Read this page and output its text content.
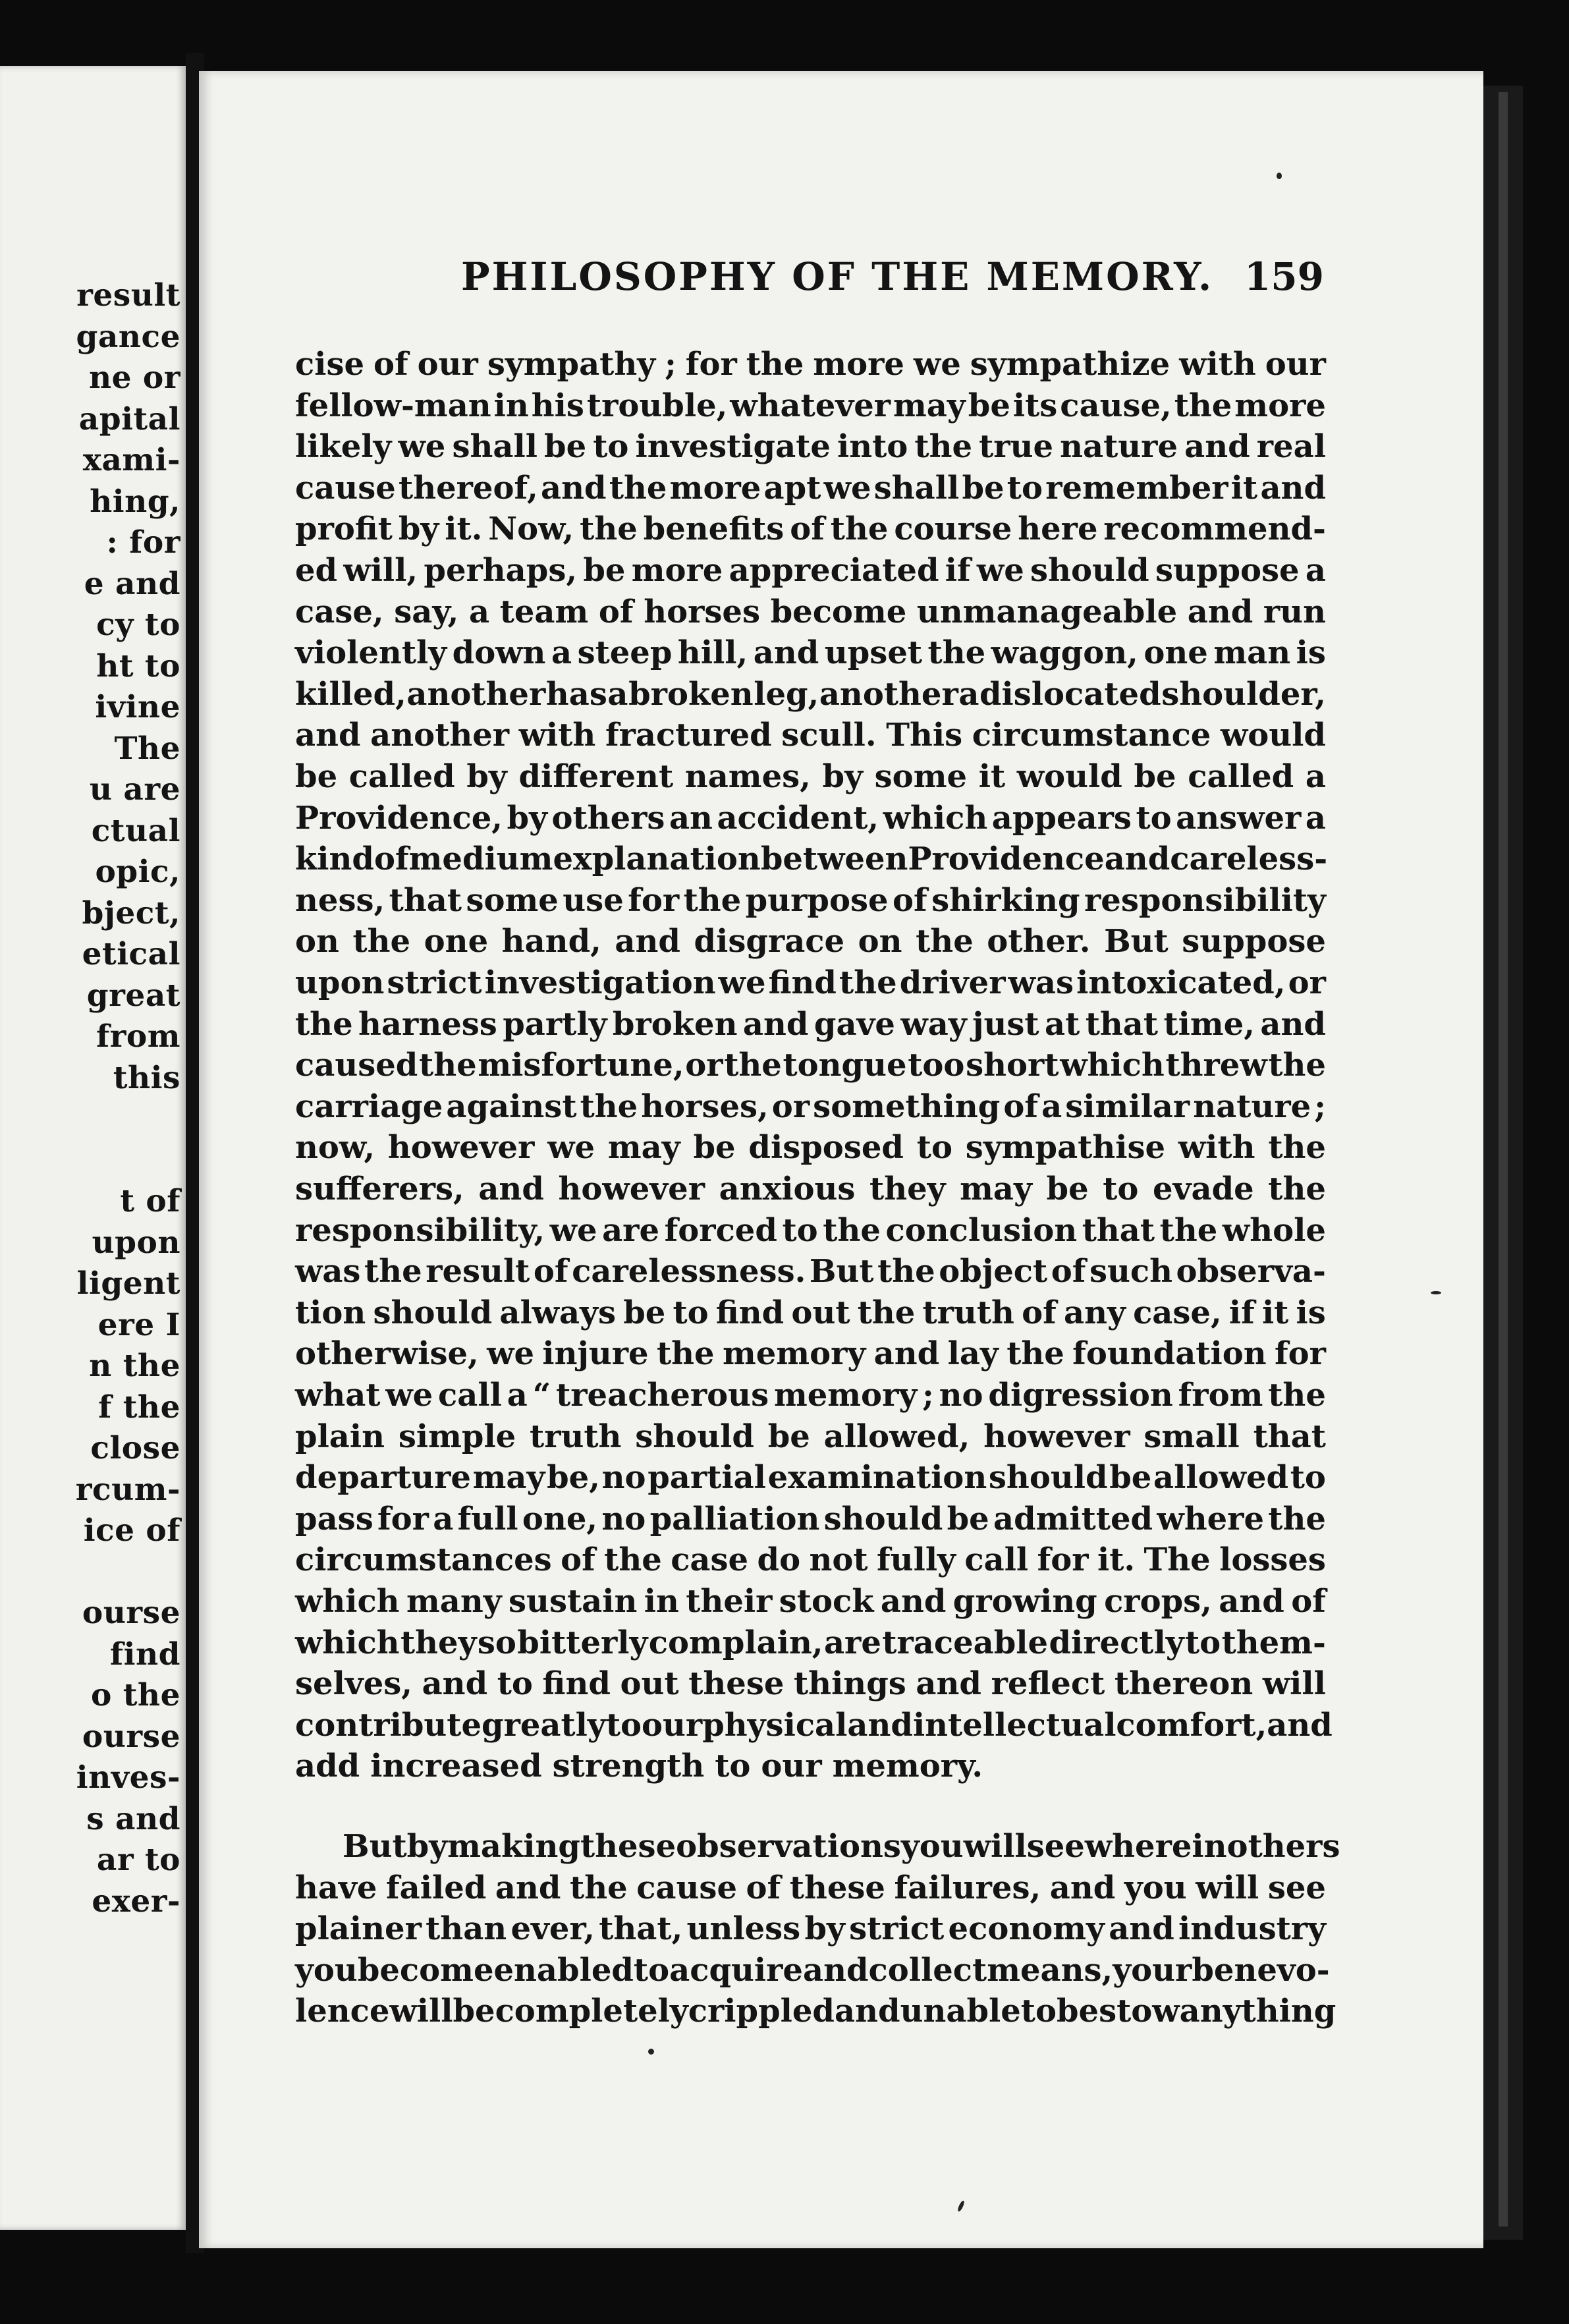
result
gance
ne or
apital
xami-
hing,
: for
e and
cy to
ht to
ivine
The
u are
ctual
opic,
bject,
etical
great
from
this
t of
upon
ligent
ere I
n the
f the
close
rcum-
ice of
ourse
find
o the
ourse
inves-
s and
ar to
exer-
PHILOSOPHY OF THE MEMORY. 159
cise of our sympathy ; for the more we sympathize with our
fellow-man in his trouble, whatever may be its cause, the more
likely we shall be to investigate into the true nature and real
cause thereof, and the more apt we shall be to remember it and
profit by it. Now, the benefits of the course here recommend-
ed will, perhaps, be more appreciated if we should suppose a
case, say, a team of horses become unmanageable and run
violently down a steep hill, and upset the waggon, one man is
killed, another has a broken leg, another a dislocated shoulder,
and another with fractured scull. This circumstance would
be called by different names, by some it would be called a
Providence, by others an accident, which appears to answer a
kind of medium explanation between Providence and careless-
ness, that some use for the purpose of shirking responsibility
on the one hand, and disgrace on the other. But suppose
upon strict investigation we find the driver was intoxicated, or
the harness partly broken and gave way just at that time, and
caused the misfortune, or the tongue too short which threw the
carriage against the horses, or something of a similar nature ;
now, however we may be disposed to sympathise with the
sufferers, and however anxious they may be to evade the
responsibility, we are forced to the conclusion that the whole
was the result of carelessness. But the object of such observa-
tion should always be to find out the truth of any case, if it is
otherwise, we injure the memory and lay the foundation for
what we call a “ treacherous memory ; no digression from the
plain simple truth should be allowed, however small that
departure may be, no partial examination should be allowed to
pass for a full one, no palliation should be admitted where the
circumstances of the case do not fully call for it. The losses
which many sustain in their stock and growing crops, and of
which they so bitterly complain, are traceable directly to them-
selves, and to find out these things and reflect thereon will
contribute greatly to our physical and intellectual comfort, and
add increased strength to our memory.
But by making these observations you will see wherein others
have failed and the cause of these failures, and you will see
plainer than ever, that, unless by strict economy and industry
you become enabled to acquire and collect means, your benevo-
lence will be completely crippled and unable to bestow anything
